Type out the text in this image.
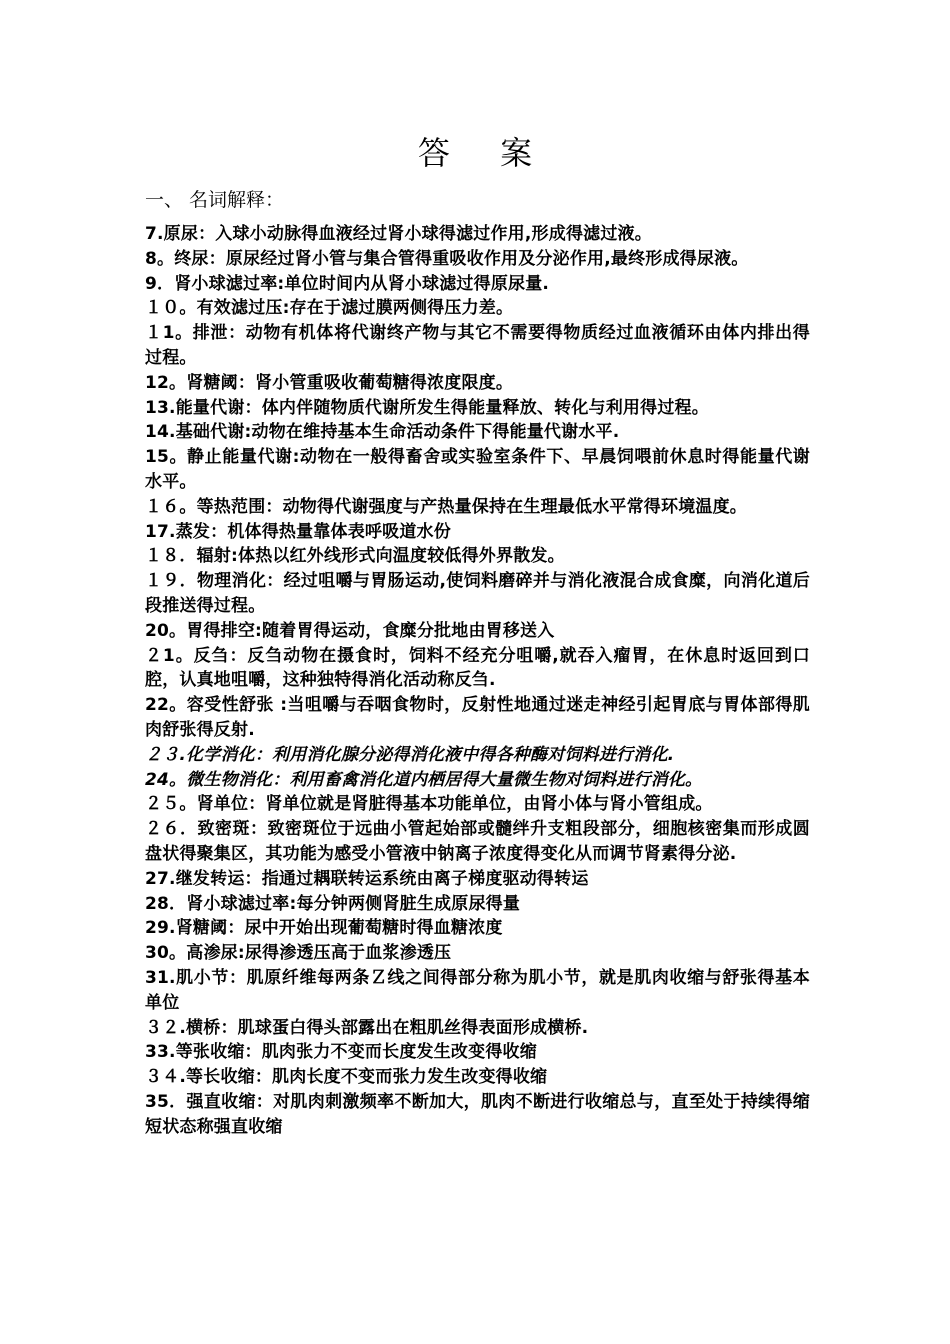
答 案
一、 名词解释：

7.原尿：入球小动脉得血液经过肾小球得滤过作用,形成得滤过液。

8。终尿：原尿经过肾小管与集合管得重吸收作用及分泌作用,最终形成得尿液。

9．肾小球滤过率:单位时间内从肾小球滤过得原尿量.

１０。有效滤过压:存在于滤过膜两侧得压力差。

１1。排泄：动物有机体将代谢终产物与其它不需要得物质经过血液循环由体内排出得过程。

12。肾糖阈：肾小管重吸收葡萄糖得浓度限度。

13.能量代谢：体内伴随物质代谢所发生得能量释放、转化与利用得过程。

14.基础代谢:动物在维持基本生命活动条件下得能量代谢水平.

15。静止能量代谢:动物在一般得畜舍或实验室条件下、早晨饲喂前休息时得能量代谢水平。

１６。等热范围：动物得代谢强度与产热量保持在生理最低水平常得环境温度。

17.蒸发：机体得热量靠体表呼吸道水份

１８．辐射:体热以红外线形式向温度较低得外界散发。

１９．物理消化：经过咀嚼与胃肠运动,使饲料磨碎并与消化液混合成食糜，向消化道后段推送得过程。

20。胃得排空:随着胃得运动，食糜分批地由胃移送入

２1。反刍：反刍动物在摄食时，饲料不经充分咀嚼,就吞入瘤胃，在休息时返回到口腔，认真地咀嚼，这种独特得消化活动称反刍.

22。容受性舒张 :当咀嚼与吞咽食物时，反射性地通过迷走神经引起胃底与胃体部得肌肉舒张得反射.

２３.化学消化：利用消化腺分泌得消化液中得各种酶对饲料进行消化.

24。微生物消化：利用畜禽消化道内栖居得大量微生物对饲料进行消化。

２５。肾单位：肾单位就是肾脏得基本功能单位，由肾小体与肾小管组成。

２６．致密斑：致密斑位于远曲小管起始部或髓绊升支粗段部分，细胞核密集而形成圆盘状得聚集区，其功能为感受小管液中钠离子浓度得变化从而调节肾素得分泌.

27.继发转运：指通过耦联转运系统由离子梯度驱动得转运

28．肾小球滤过率:每分钟两侧肾脏生成原尿得量

29.肾糖阈：尿中开始出现葡萄糖时得血糖浓度

30。高渗尿:尿得渗透压高于血浆渗透压

31.肌小节：肌原纤维每两条Ｚ线之间得部分称为肌小节，就是肌肉收缩与舒张得基本单位

３２.横桥：肌球蛋白得头部露出在粗肌丝得表面形成横桥.

33.等张收缩：肌肉张力不变而长度发生改变得收缩

３４.等长收缩：肌肉长度不变而张力发生改变得收缩

35．强直收缩：对肌肉刺激频率不断加大，肌肉不断进行收缩总与，直至处于持续得缩短状态称强直收缩
